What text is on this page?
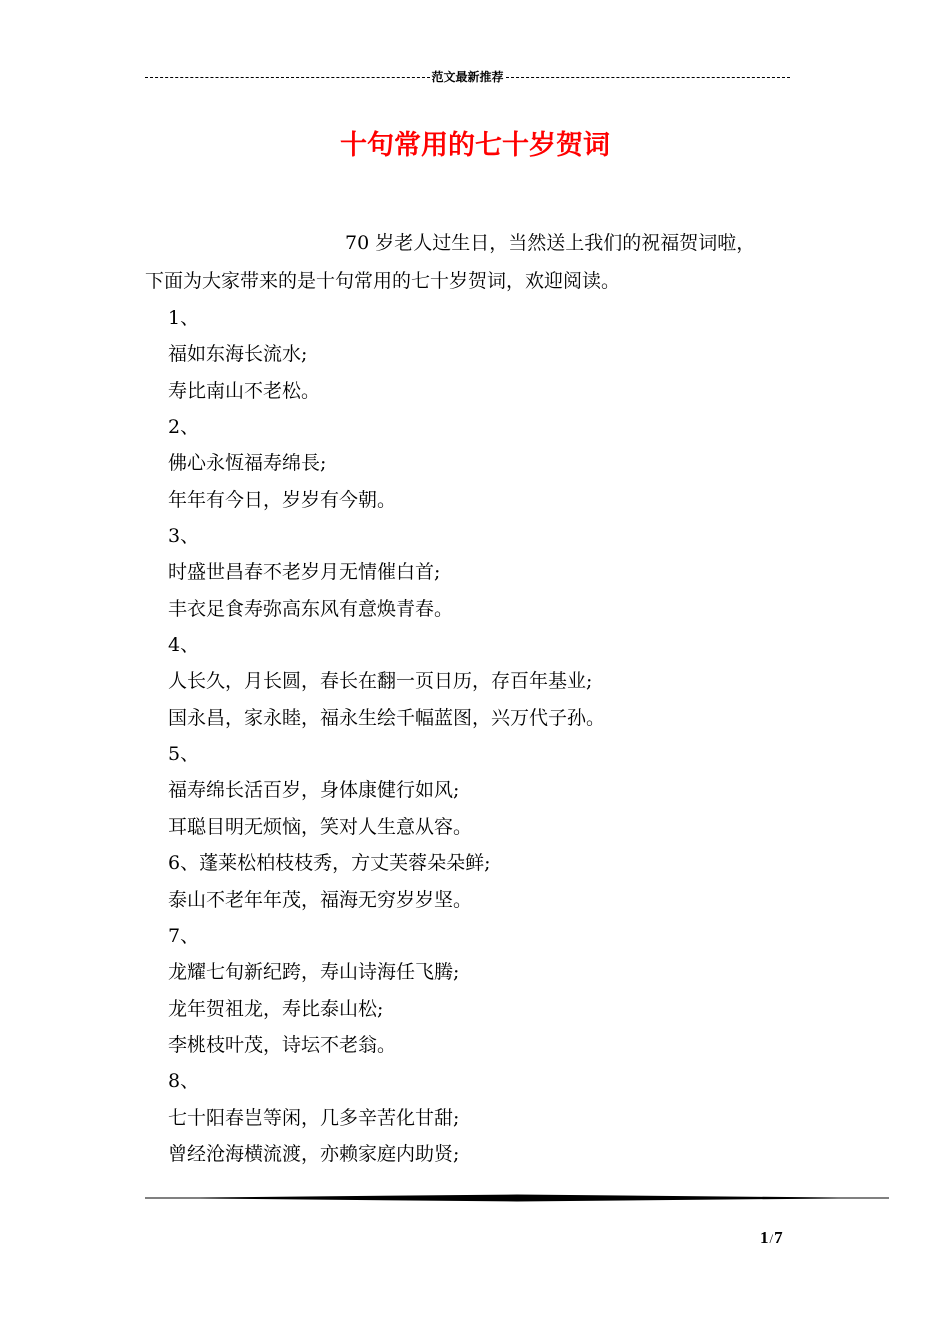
范文最新推荐
十句常用的七十岁贺词

70 岁老人过生日，当然送上我们的祝福贺词啦，
下面为大家带来的是十句常用的七十岁贺词，欢迎阅读。

1、
福如东海长流水;
寿比南山不老松。
2、
佛心永恆福寿绵長;
年年有今日，岁岁有今朝。
3、
时盛世昌春不老岁月无情催白首;
丰衣足食寿弥高东风有意焕青春。
4、
人长久，月长圆，春长在翻一页日历，存百年基业;
国永昌，家永睦，福永生绘千幅蓝图，兴万代子孙。
5、
福寿绵长活百岁，身体康健行如风;
耳聪目明无烦恼，笑对人生意从容。
6、蓬莱松柏枝枝秀，方丈芙蓉朵朵鲜;
泰山不老年年茂，福海无穷岁岁坚。
7、
龙耀七旬新纪跨，寿山诗海任飞腾;
龙年贺祖龙，寿比泰山松;
李桃枝叶茂，诗坛不老翁。
8、
七十阳春岂等闲，几多辛苦化甘甜;
曾经沧海横流渡，亦赖家庭内助贤;
1/7
